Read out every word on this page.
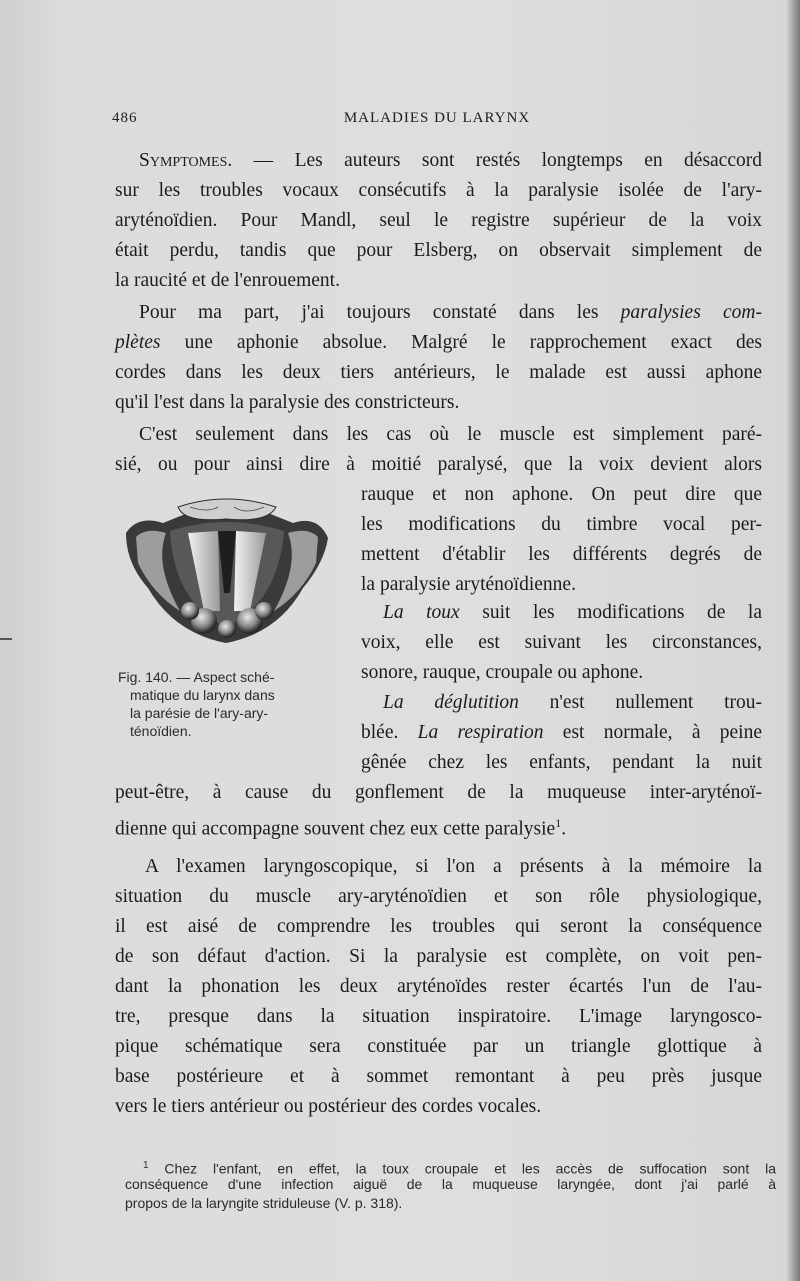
486	MALADIES DU LARYNX
Symptomes. — Les auteurs sont restés longtemps en désaccord
sur les troubles vocaux consécutifs à la paralysie isolée de l'ary-
aryténoïdien. Pour Mandl, seul le registre supérieur de la voix
était perdu, tandis que pour Elsberg, on observait simplement de
la raucité et de l'enrouement.
Pour ma part, j'ai toujours constaté dans les paralysies com-
plètes une aphonie absolue. Malgré le rapprochement exact des
cordes dans les deux tiers antérieurs, le malade est aussi aphone
qu'il l'est dans la paralysie des constricteurs.
C'est seulement dans les cas où le muscle est simplement paré-
sié, ou pour ainsi dire à moitié paralysé, que la voix devient alors
rauque et non aphone. On peut dire que
les modifications du timbre vocal per-
mettent d'établir les différents degrés de
la paralysie aryténoïdienne.
La toux suit les modifications de la
voix, elle est suivant les circonstances,
sonore, rauque, croupale ou aphone.
La déglutition n'est nullement trou-
blée. La respiration est normale, à peine
gênée chez les enfants, pendant la nuit
peut-être, à cause du gonflement de la muqueuse inter-aryténoï-
dienne qui accompagne souvent chez eux cette paralysie$^1$.
Fig. 140. — Aspect sché-
matique du larynx dans
la parésie de l'ary-ary-
ténoïdien.
A l'examen laryngoscopique, si l'on a présents à la mémoire la
situation du muscle ary-aryténoïdien et son rôle physiologique,
il est aisé de comprendre les troubles qui seront la conséquence
de son défaut d'action. Si la paralysie est complète, on voit pen-
dant la phonation les deux aryténoïdes rester écartés l'un de l'au-
tre, presque dans la situation inspiratoire. L'image laryngosco-
pique schématique sera constituée par un triangle glottique à
base postérieure et à sommet remontant à peu près jusque
vers le tiers antérieur ou postérieur des cordes vocales.
$^1$ Chez l'enfant, en effet, la toux croupale et les accès de suffocation sont la
conséquence d'une infection aiguë de la muqueuse laryngée, dont j'ai parlé à
propos de la laryngite striduleuse (V. p. 318).
